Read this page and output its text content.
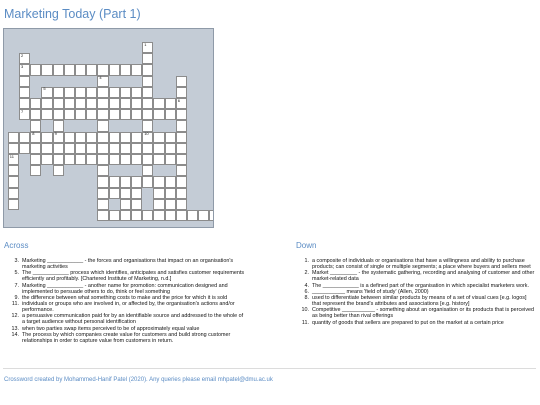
Marketing Today (Part 1)
1
10
2
3
4
5
6
7
8	9
11
Across
3. Marketing ____________ - the forces and organisations that impact on an organisation's marketing activities
5. The ____________ process which identifies, anticipates and satisfies customer requirements efficiently and profitably. [Chartered Institute of Marketing, n.d.]
7. Marketing ____________ - another name for promotion: communication designed and implemented to persuade others to do, think or feel something
9. the difference between what something costs to make and the price for which it is sold
11. individuals or groups who are involved in, or affected by, the organisation's actions and/or performance.
12. a persuasive communication paid for by an identifiable source and addressed to the whole of a target audience without personal identification
13. when two parties swap items perceived to be of approximately equal value
14. The process by which companies create value for customers and build strong customer relationships in order to capture value from customers in return.
Down
1. a composite of individuals or organisations that have a willingness and ability to purchase products; can consist of single or multiple segments; a place where buyers and sellers meet
2. Market _________ - the systematic gathering, recording and analysing of customer and other market-related data
4. The ____________ is a defined part of the organisation in which specialist marketers work.
6. ___________ means 'field of study' (Allen, 2000)
8. used to differentiate between similar products by means of a set of visual cues [e.g. logos] that represent the brand's attributes and associations [e.g. history]
10. Competitive ___________ - something about an organisation or its products that is perceived as being better than rival offerings
11. quantity of goods that sellers are prepared to put on the market at a certain price
Crossword created by Mohammed-Hanif Patel (2020). Any queries please email mhpatel@dmu.ac.uk
